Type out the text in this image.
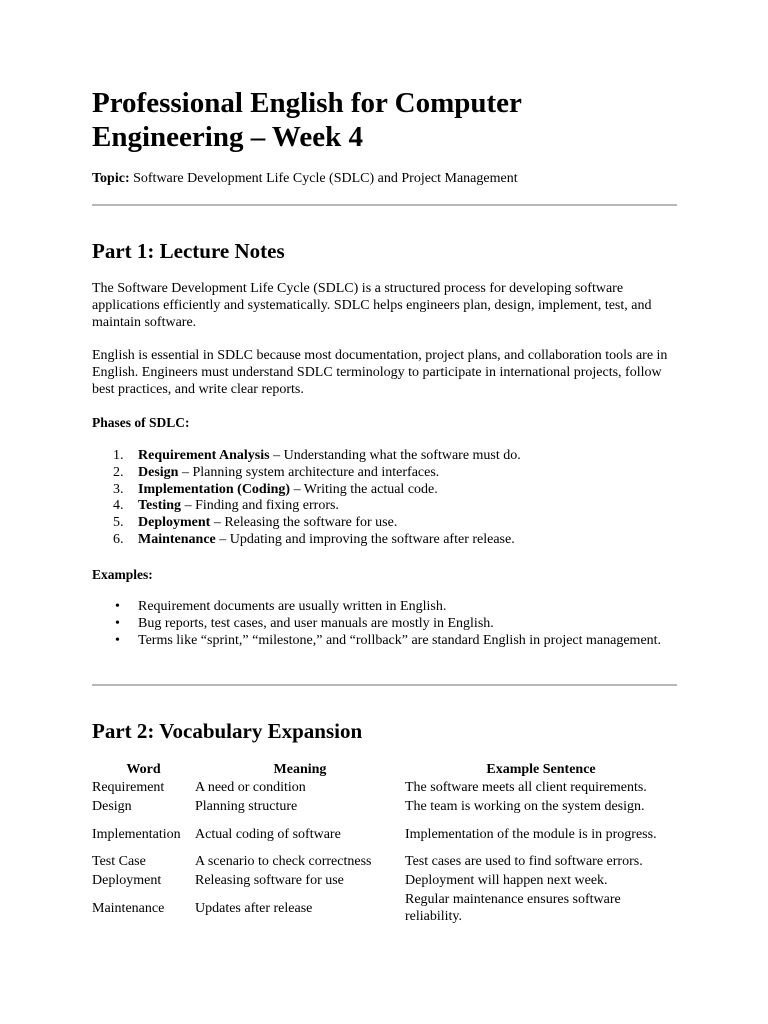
Professional English for Computer Engineering – Week 4
Topic: Software Development Life Cycle (SDLC) and Project Management
Part 1: Lecture Notes

The Software Development Life Cycle (SDLC) is a structured process for developing software applications efficiently and systematically. SDLC helps engineers plan, design, implement, test, and maintain software.

English is essential in SDLC because most documentation, project plans, and collaboration tools are in English. Engineers must understand SDLC terminology to participate in international projects, follow best practices, and write clear reports.

Phases of SDLC:
1.	Requirement Analysis – Understanding what the software must do.
2.	Design – Planning system architecture and interfaces.
3.	Implementation (Coding) – Writing the actual code.
4.	Testing – Finding and fixing errors.
5.	Deployment – Releasing the software for use.
6.	Maintenance – Updating and improving the software after release.
Examples:
• Requirement documents are usually written in English.
• Bug reports, test cases, and user manuals are mostly in English.
• Terms like “sprint,” “milestone,” and “rollback” are standard English in project management.
Part 2: Vocabulary Expansion
Word	Meaning	Example Sentence
Requirement	A need or condition	The software meets all client requirements.
Design	Planning structure	The team is working on the system design.
Implementation	Actual coding of software	Implementation of the module is in progress.
Test Case	A scenario to check correctness	Test cases are used to find software errors.
Deployment	Releasing software for use	Deployment will happen next week.
Maintenance	Updates after release	Regular maintenance ensures software reliability.
